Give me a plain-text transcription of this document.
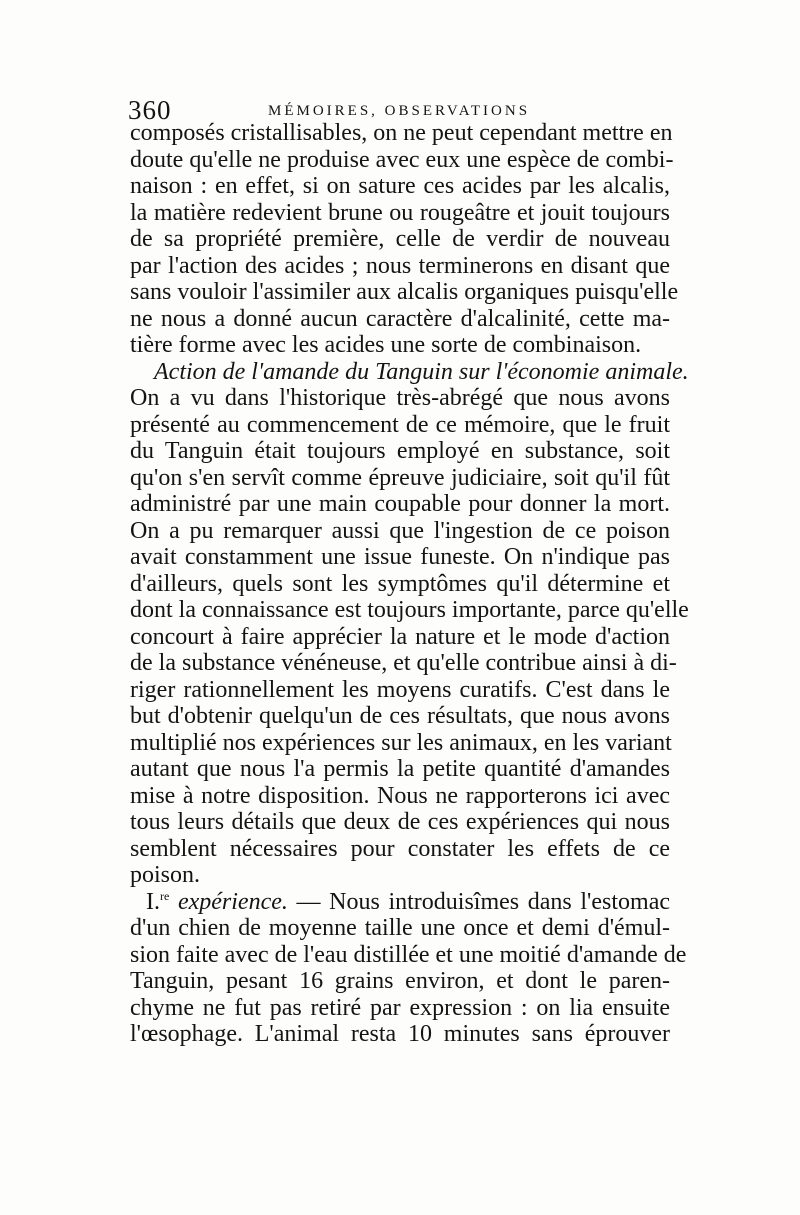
360	MÉMOIRES, OBSERVATIONS
composés cristallisables, on ne peut cependant mettre en
doute qu'elle ne produise avec eux une espèce de combi-
naison : en effet, si on sature ces acides par les alcalis,
la matière redevient brune ou rougeâtre et jouit toujours
de sa propriété première, celle de verdir de nouveau
par l'action des acides ; nous terminerons en disant que
sans vouloir l'assimiler aux alcalis organiques puisqu'elle
ne nous a donné aucun caractère d'alcalinité, cette ma-
tière forme avec les acides une sorte de combinaison.
Action de l'amande du Tanguin sur l'économie animale.
On a vu dans l'historique très-abrégé que nous avons
présenté au commencement de ce mémoire, que le fruit
du Tanguin était toujours employé en substance, soit
qu'on s'en servît comme épreuve judiciaire, soit qu'il fût
administré par une main coupable pour donner la mort.
On a pu remarquer aussi que l'ingestion de ce poison
avait constamment une issue funeste. On n'indique pas
d'ailleurs, quels sont les symptômes qu'il détermine et
dont la connaissance est toujours importante, parce qu'elle
concourt à faire apprécier la nature et le mode d'action
de la substance vénéneuse, et qu'elle contribue ainsi à di-
riger rationnellement les moyens curatifs. C'est dans le
but d'obtenir quelqu'un de ces résultats, que nous avons
multiplié nos expériences sur les animaux, en les variant
autant que nous l'a permis la petite quantité d'amandes
mise à notre disposition. Nous ne rapporterons ici avec
tous leurs détails que deux de ces expériences qui nous
semblent nécessaires pour constater les effets de ce
poison.
I.$^{re}$ expérience. — Nous introduisîmes dans l'estomac
d'un chien de moyenne taille une once et demi d'émul-
sion faite avec de l'eau distillée et une moitié d'amande de
Tanguin, pesant 16 grains environ, et dont le paren-
chyme ne fut pas retiré par expression : on lia ensuite
l'œsophage. L'animal resta 10 minutes sans éprouver
